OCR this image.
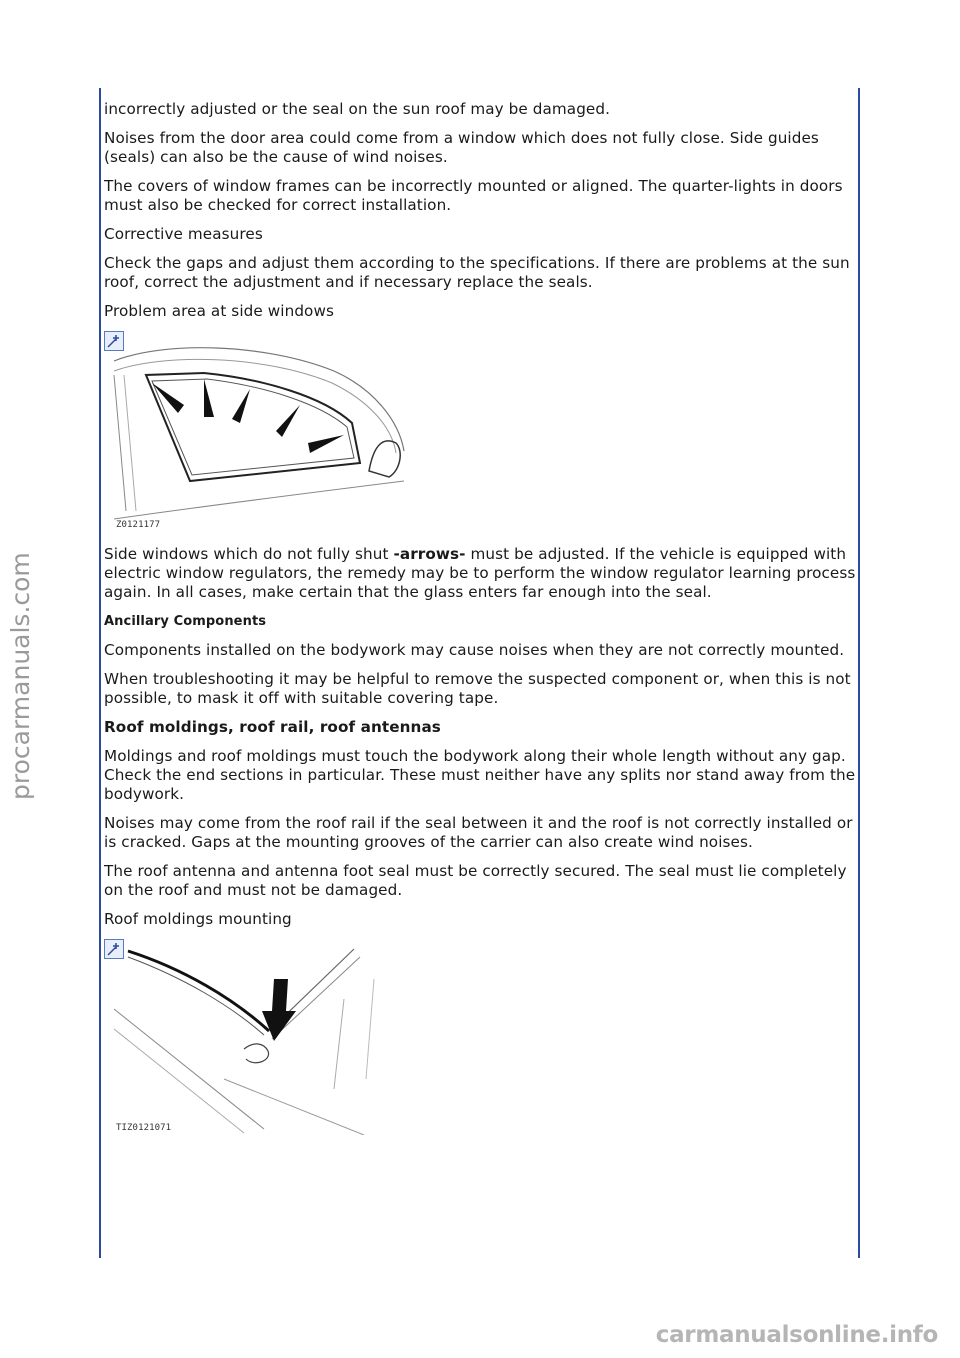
procarmanuals.com

incorrectly adjusted or the seal on the sun roof may be damaged.

Noises from the door area could come from a window which does not fully close. Side guides (seals) can also be the cause of wind noises.

The covers of window frames can be incorrectly mounted or aligned. The quarter-lights in doors must also be checked for correct installation.

Corrective measures

Check the gaps and adjust them according to the specifications. If there are problems at the sun roof, correct the adjustment and if necessary replace the seals.

Problem area at side windows

Z0121177

Side windows which do not fully shut -arrows- must be adjusted. If the vehicle is equipped with electric window regulators, the remedy may be to perform the window regulator learning process again. In all cases, make certain that the glass enters far enough into the seal.

Ancillary Components

Components installed on the bodywork may cause noises when they are not correctly mounted.

When troubleshooting it may be helpful to remove the suspected component or, when this is not possible, to mask it off with suitable covering tape.

Roof moldings, roof rail, roof antennas

Moldings and roof moldings must touch the bodywork along their whole length without any gap. Check the end sections in particular. These must neither have any splits nor stand away from the bodywork.

Noises may come from the roof rail if the seal between it and the roof is not correctly installed or is cracked. Gaps at the mounting grooves of the carrier can also create wind noises.

The roof antenna and antenna foot seal must be correctly secured. The seal must lie completely on the roof and must not be damaged.

Roof moldings mounting

TIZ0121071
carmanualsonline.info
